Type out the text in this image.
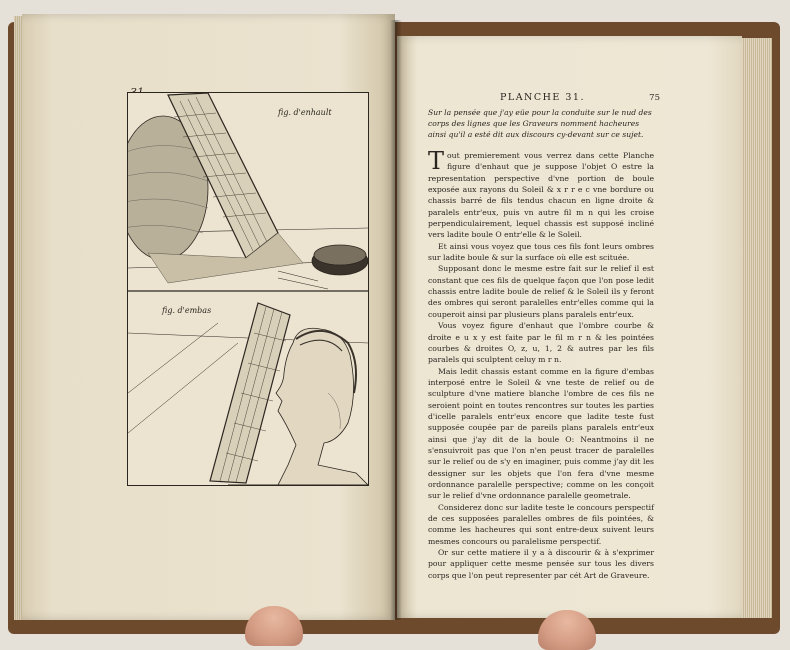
fig. d'enhault
fig. d'embas
PLANCHE 31.	75
Sur la pensée que j'ay eüe pour la conduite sur le nud des corps des lignes que les Graveurs nomment hacheures ainsi qu'il a esté dit aux discours cy-devant sur ce sujet.

Tout premierement vous verrez dans cette Planche figure d'enhaut que je suppose l'objet O estre la representation perspective d'vne portion de boule exposée aux rayons du Soleil & x r r e c vne bordure ou chassis barré de fils tendus chacun en ligne droite & paralels entr'eux, puis vn autre fil m n qui les croise perpendiculairement, lequel chassis est supposé incliné vers ladite boule O entr'elle & le Soleil.

Et ainsi vous voyez que tous ces fils font leurs ombres sur ladite boule & sur la surface où elle est scituée.

Supposant donc le mesme estre fait sur le relief il est constant que ces fils de quelque façon que l'on pose ledit chassis entre ladite boule de relief & le Soleil ils y feront des ombres qui seront paralelles entr'elles comme qui la couperoit ainsi par plusieurs plans paralels entr'eux.

Vous voyez figure d'enhaut que l'ombre courbe & droite e u x y est faite par le fil m r n & les pointées courbes & droites O, z, u, 1, 2 & autres par les fils paralels qui sculptent celuy m r n.

Mais ledit chassis estant comme en la figure d'embas interposé entre le Soleil & vne teste de relief ou de sculpture d'vne matiere blanche l'ombre de ces fils ne seroient point en toutes rencontres sur toutes les parties d'icelle paralels entr'eux encore que ladite teste fust supposée coupée par de pareils plans paralels entr'eux ainsi que j'ay dit de la boule O: Neantmoins il ne s'ensuivroit pas que l'on n'en peust tracer de paralelles sur le relief ou de s'y en imaginer, puis comme j'ay dit les dessigner sur les objets que l'on fera d'vne mesme ordonnance paralelle perspective; comme on les conçoit sur le relief d'vne ordonnance paralelle geometrale.

Considerez donc sur ladite teste le concours perspectif de ces supposées paralelles ombres de fils pointées, & comme les hacheures qui sont entre-deux suivent leurs mesmes concours ou paralelisme perspectif.

Or sur cette matiere il y a à discourir & à s'exprimer pour appliquer cette mesme pensée sur tous les divers corps que l'on peut representer par cét Art de Graveure.
